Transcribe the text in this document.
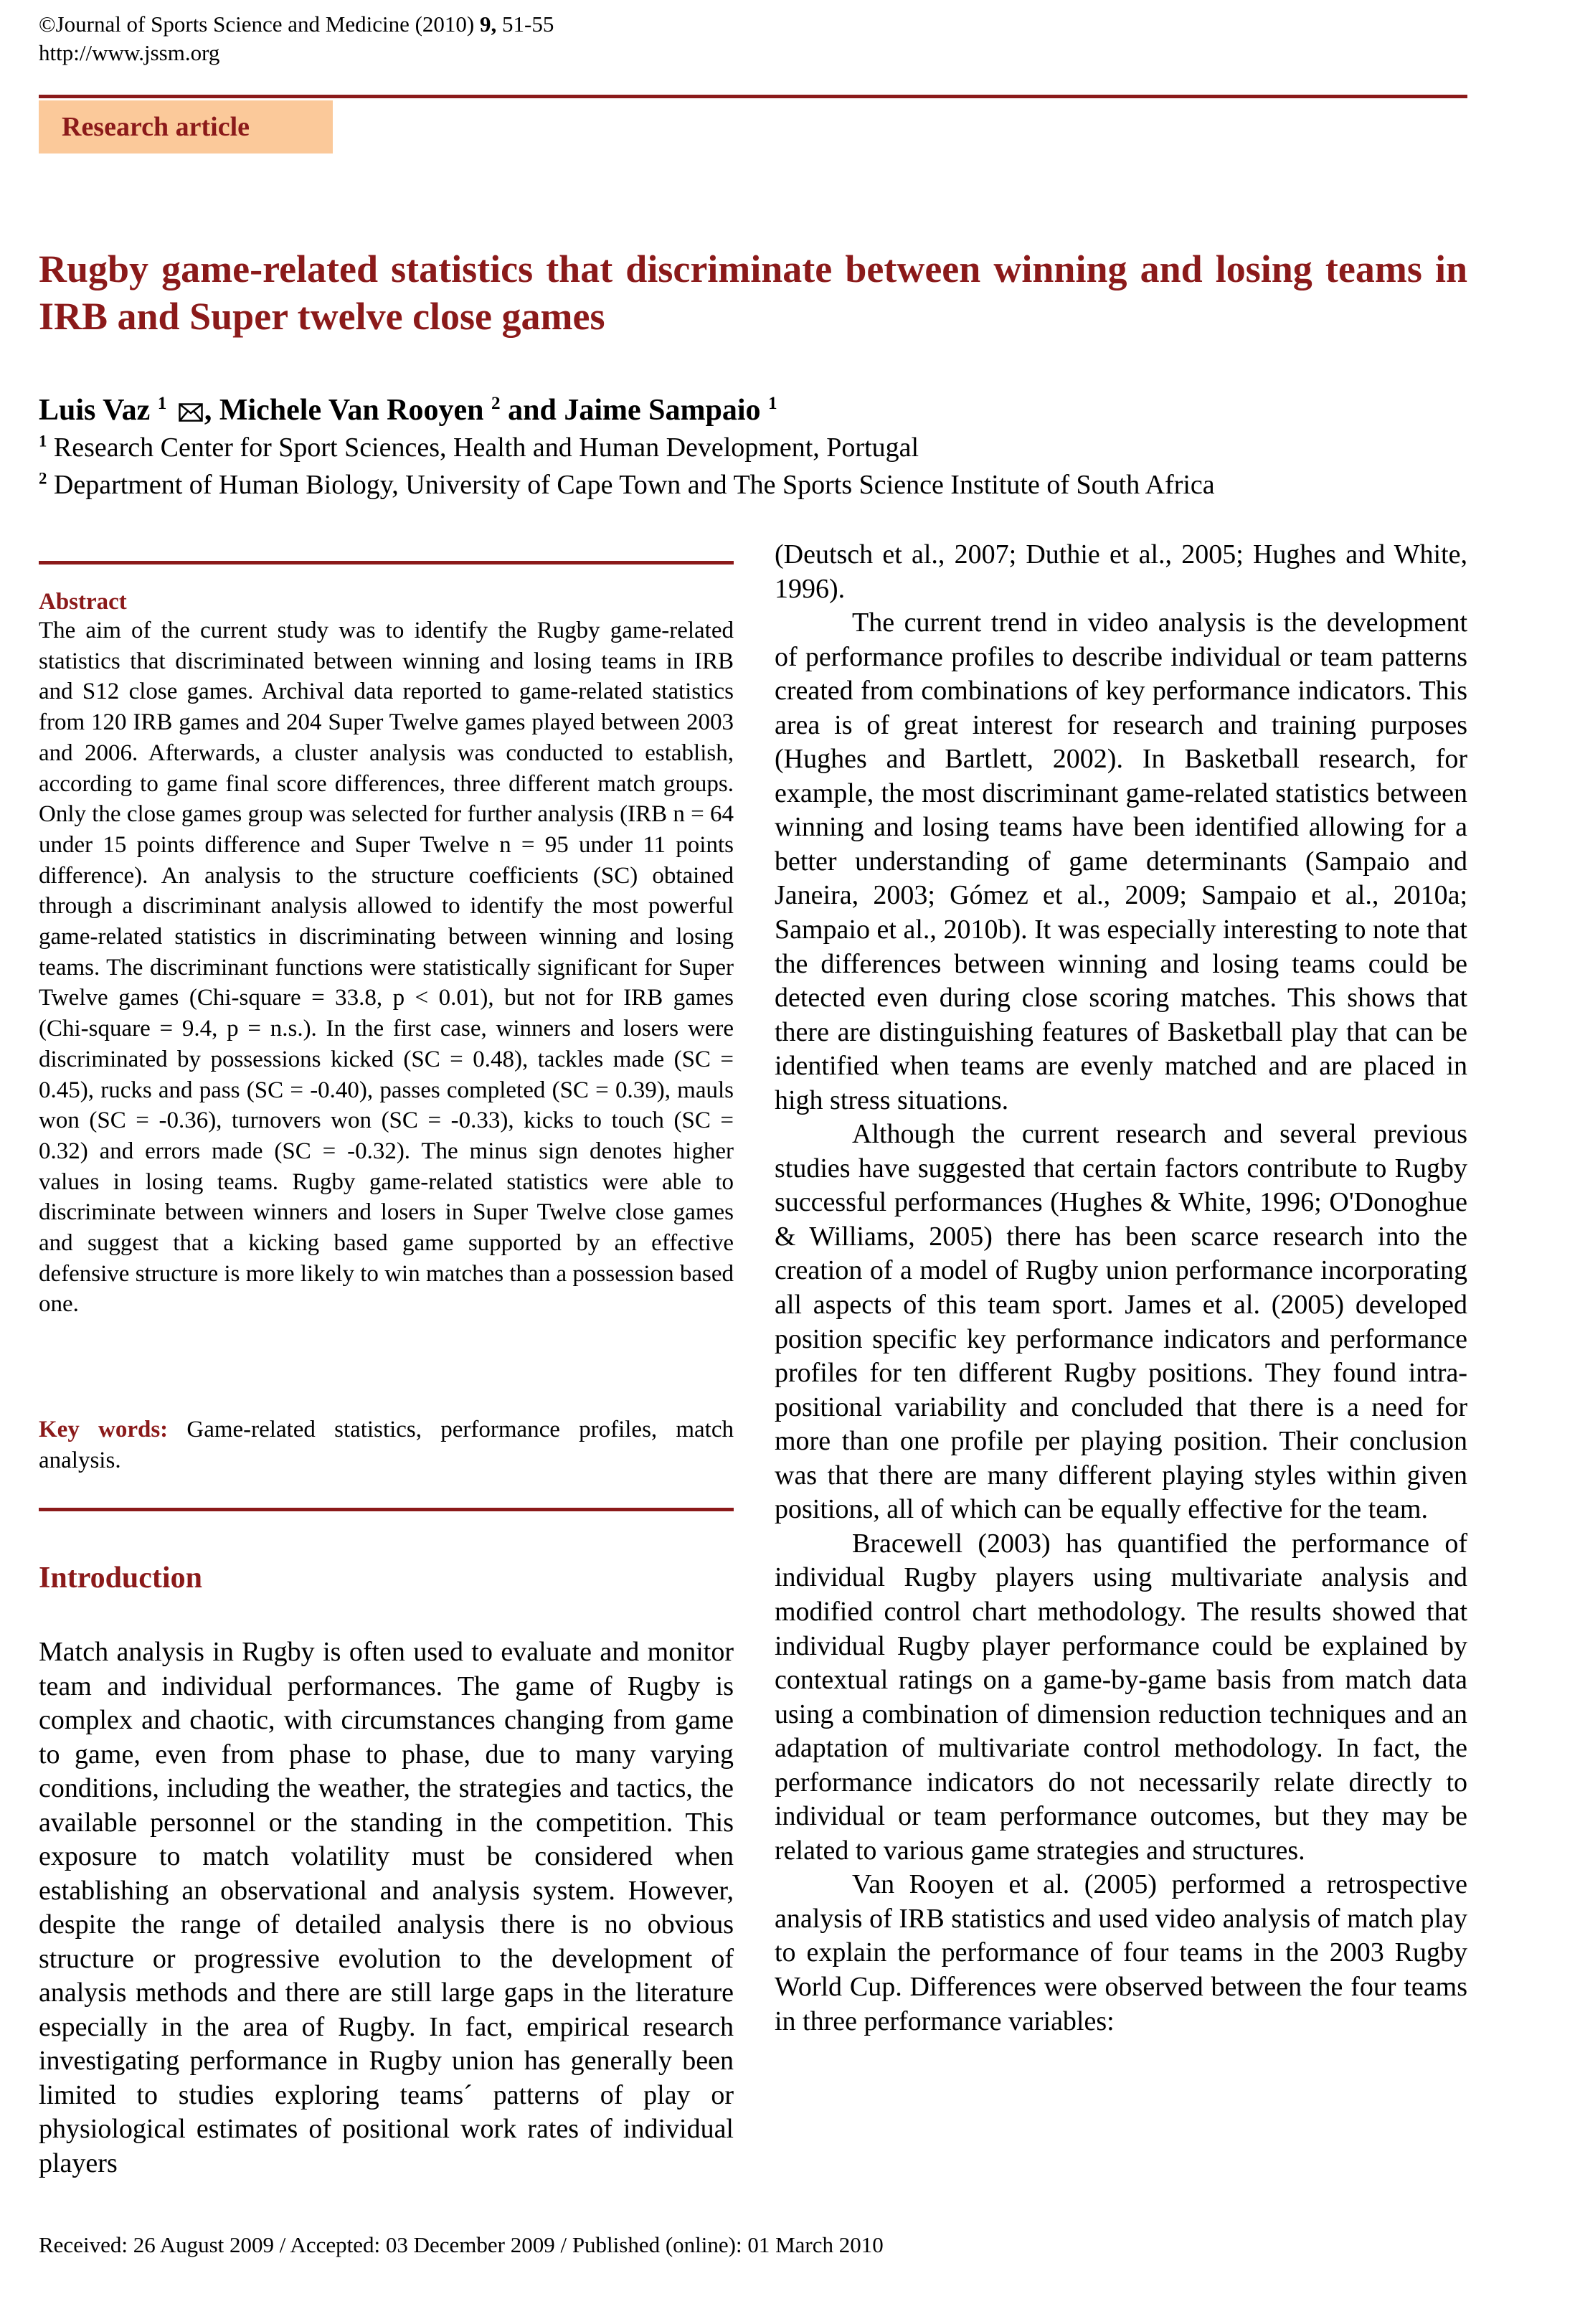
©Journal of Sports Science and Medicine (2010) 9, 51-55
http://www.jssm.org
Research article
Rugby game-related statistics that discriminate between winning and losing teams in IRB and Super twelve close games
Luis Vaz $^1$ , Michele Van Rooyen $^2$ and Jaime Sampaio $^1$
$^1$ Research Center for Sport Sciences, Health and Human Development, Portugal
$^2$ Department of Human Biology, University of Cape Town and The Sports Science Institute of South Africa
Abstract

The aim of the current study was to identify the Rugby game-related statistics that discriminated between winning and losing teams in IRB and S12 close games. Archival data reported to game-related statistics from 120 IRB games and 204 Super Twelve games played between 2003 and 2006. Afterwards, a cluster analysis was conducted to establish, according to game final score differences, three different match groups. Only the close games group was selected for further analysis (IRB n = 64 under 15 points difference and Super Twelve n = 95 under 11 points difference). An analysis to the structure coefficients (SC) obtained through a discriminant analysis allowed to identify the most powerful game-related statistics in discriminating between winning and losing teams. The discriminant functions were statistically significant for Super Twelve games (Chi-square = 33.8, p < 0.01), but not for IRB games (Chi-square = 9.4, p = n.s.). In the first case, winners and losers were discriminated by possessions kicked (SC = 0.48), tackles made (SC = 0.45), rucks and pass (SC = -0.40), passes completed (SC = 0.39), mauls won (SC = -0.36), turnovers won (SC = -0.33), kicks to touch (SC = 0.32) and errors made (SC = -0.32). The minus sign denotes higher values in losing teams. Rugby game-related statistics were able to discriminate between winners and losers in Super Twelve close games and suggest that a kicking based game supported by an effective defensive structure is more likely to win matches than a possession based one.

Key words: Game-related statistics, performance profiles, match analysis.

Introduction

Match analysis in Rugby is often used to evaluate and monitor team and individual performances. The game of Rugby is complex and chaotic, with circumstances changing from game to game, even from phase to phase, due to many varying conditions, including the weather, the strategies and tactics, the available personnel or the standing in the competition. This exposure to match volatility must be considered when establishing an observational and analysis system. However, despite the range of detailed analysis there is no obvious structure or progressive evolution to the development of analysis methods and there are still large gaps in the literature especially in the area of Rugby. In fact, empirical research investigating performance in Rugby union has generally been limited to studies exploring teams´ patterns of play or physiological estimates of positional work rates of individual players

(Deutsch et al., 2007; Duthie et al., 2005; Hughes and White, 1996).

The current trend in video analysis is the development of performance profiles to describe individual or team patterns created from combinations of key performance indicators. This area is of great interest for research and training purposes (Hughes and Bartlett, 2002). In Basketball research, for example, the most discriminant game-related statistics between winning and losing teams have been identified allowing for a better understanding of game determinants (Sampaio and Janeira, 2003; Gómez et al., 2009; Sampaio et al., 2010a; Sampaio et al., 2010b). It was especially interesting to note that the differences between winning and losing teams could be detected even during close scoring matches. This shows that there are distinguishing features of Basketball play that can be identified when teams are evenly matched and are placed in high stress situations.

Although the current research and several previous studies have suggested that certain factors contribute to Rugby successful performances (Hughes & White, 1996; O'Donoghue & Williams, 2005) there has been scarce research into the creation of a model of Rugby union performance incorporating all aspects of this team sport. James et al. (2005) developed position specific key performance indicators and performance profiles for ten different Rugby positions. They found intra-positional variability and concluded that there is a need for more than one profile per playing position. Their conclusion was that there are many different playing styles within given positions, all of which can be equally effective for the team.

Bracewell (2003) has quantified the performance of individual Rugby players using multivariate analysis and modified control chart methodology. The results showed that individual Rugby player performance could be explained by contextual ratings on a game-by-game basis from match data using a combination of dimension reduction techniques and an adaptation of multivariate control methodology. In fact, the performance indicators do not necessarily relate directly to individual or team performance outcomes, but they may be related to various game strategies and structures.

Van Rooyen et al. (2005) performed a retrospective analysis of IRB statistics and used video analysis of match play to explain the performance of four teams in the 2003 Rugby World Cup. Differences were observed between the four teams in three performance variables:

Received: 26 August 2009 / Accepted: 03 December 2009 / Published (online): 01 March 2010
